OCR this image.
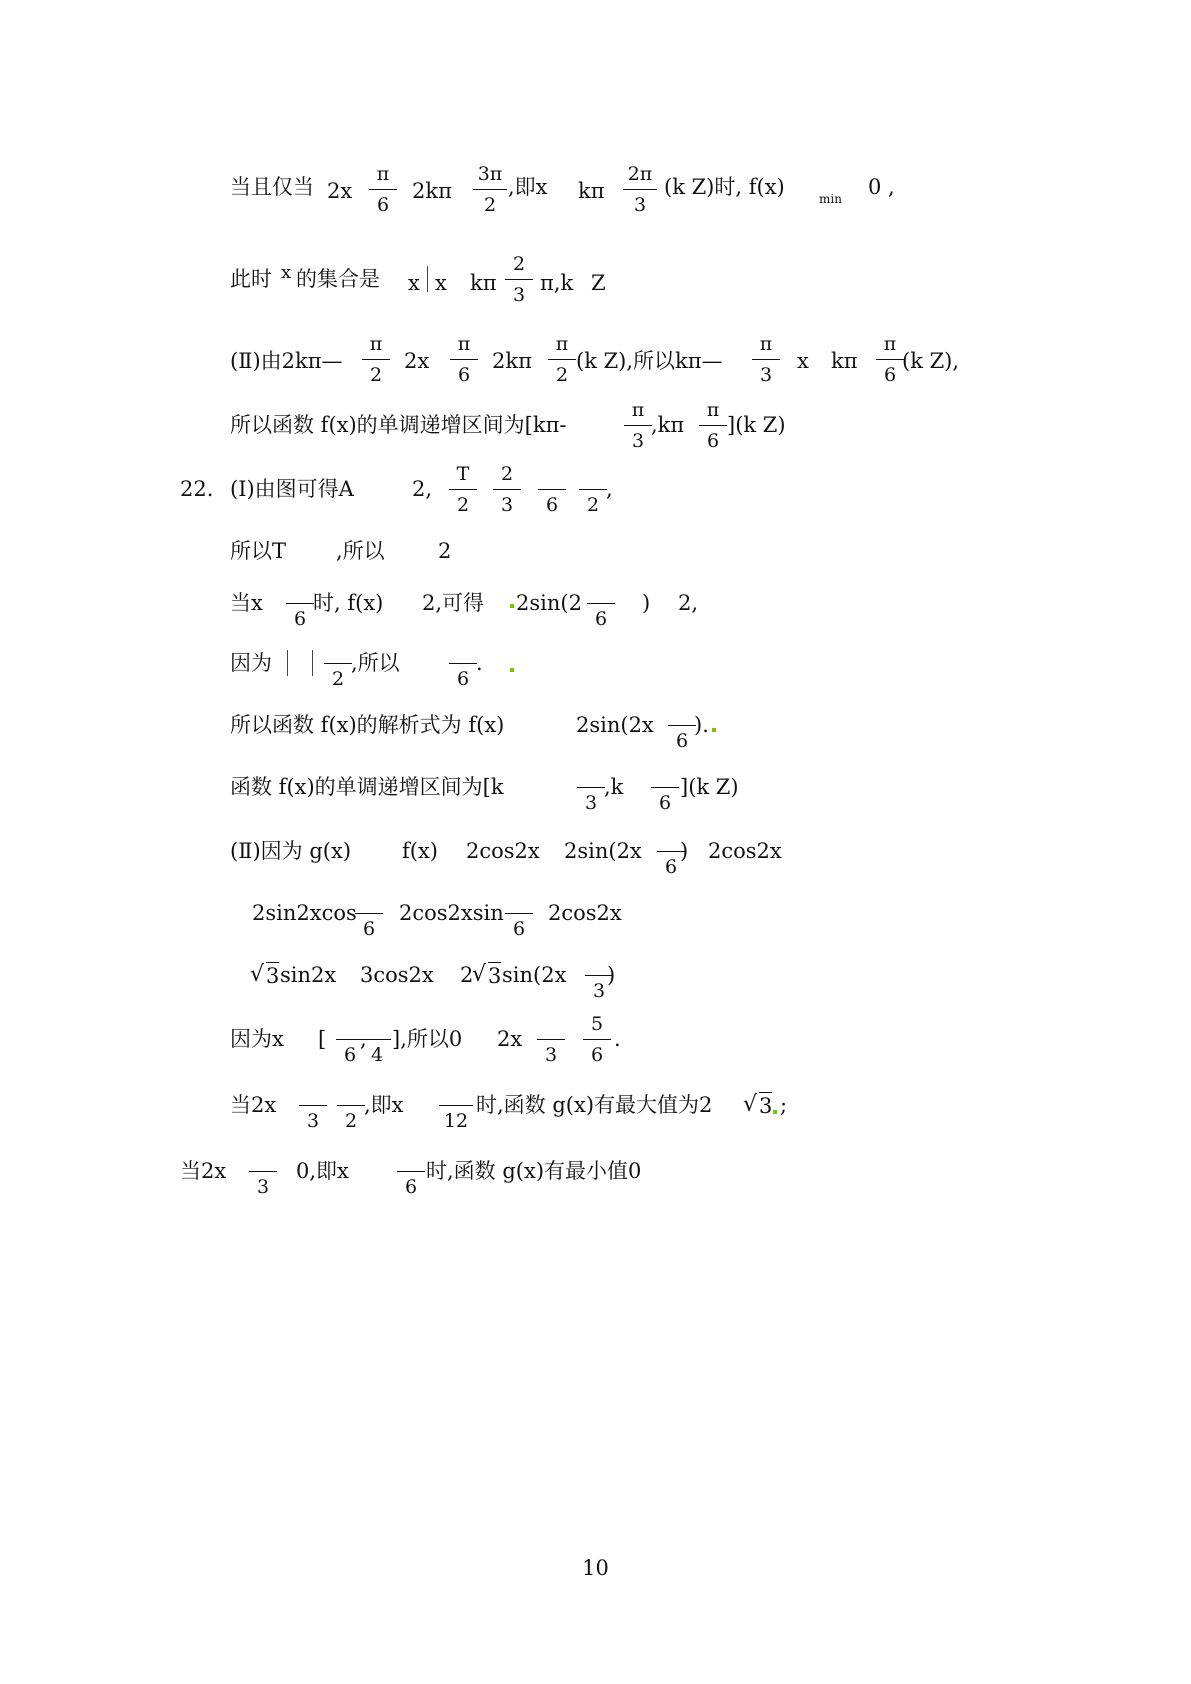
当且仅当 2x
π
6
2kπ
3π
2
,即x kπ
2π
3
(k Z)时, f(x)	min 0 ,
此时 x 的集合是 x x kπ
2
3 π,k Z
(Ⅱ)由2kπ—
π
2
2x
π
6
2kπ
π
2
(k Z),所以kπ—
π
3
x kπ
π
6
(k Z),
所以函数 f(x)的单调递增区间为[kπ-
π
3
,kπ
π
6
](k Z)
22. (Ⅰ)由图可得A	2,
T
2
2
3	6	2
,
所以T ,所以	2
当x
6
时, f(x) 2,可得 2sin(2
6
) 2,
因为
2
,所以
6
.
所以函数 f(x)的解析式为 f(x)	2sin(2x
6
).
函数 f(x)的单调递增区间为[k
3
,k
6
](k Z)
(Ⅱ)因为 g(x) f(x) 2cos2x 2sin(2x
6
) 2cos2x
2sin2xcos
6
2cos2xsin
6
2cos2x
√ 3 sin2x 3cos2x 2
√ 3 sin(2x
3
)
因为x [
6
,
4
],所以0 2x
3
5
6
.
当2x
3	2
,即x
12
时,函数 g(x)有最大值为2 √ 3 ;
当2x
3
0,即x
6
时,函数 g(x)有最小值0
10
